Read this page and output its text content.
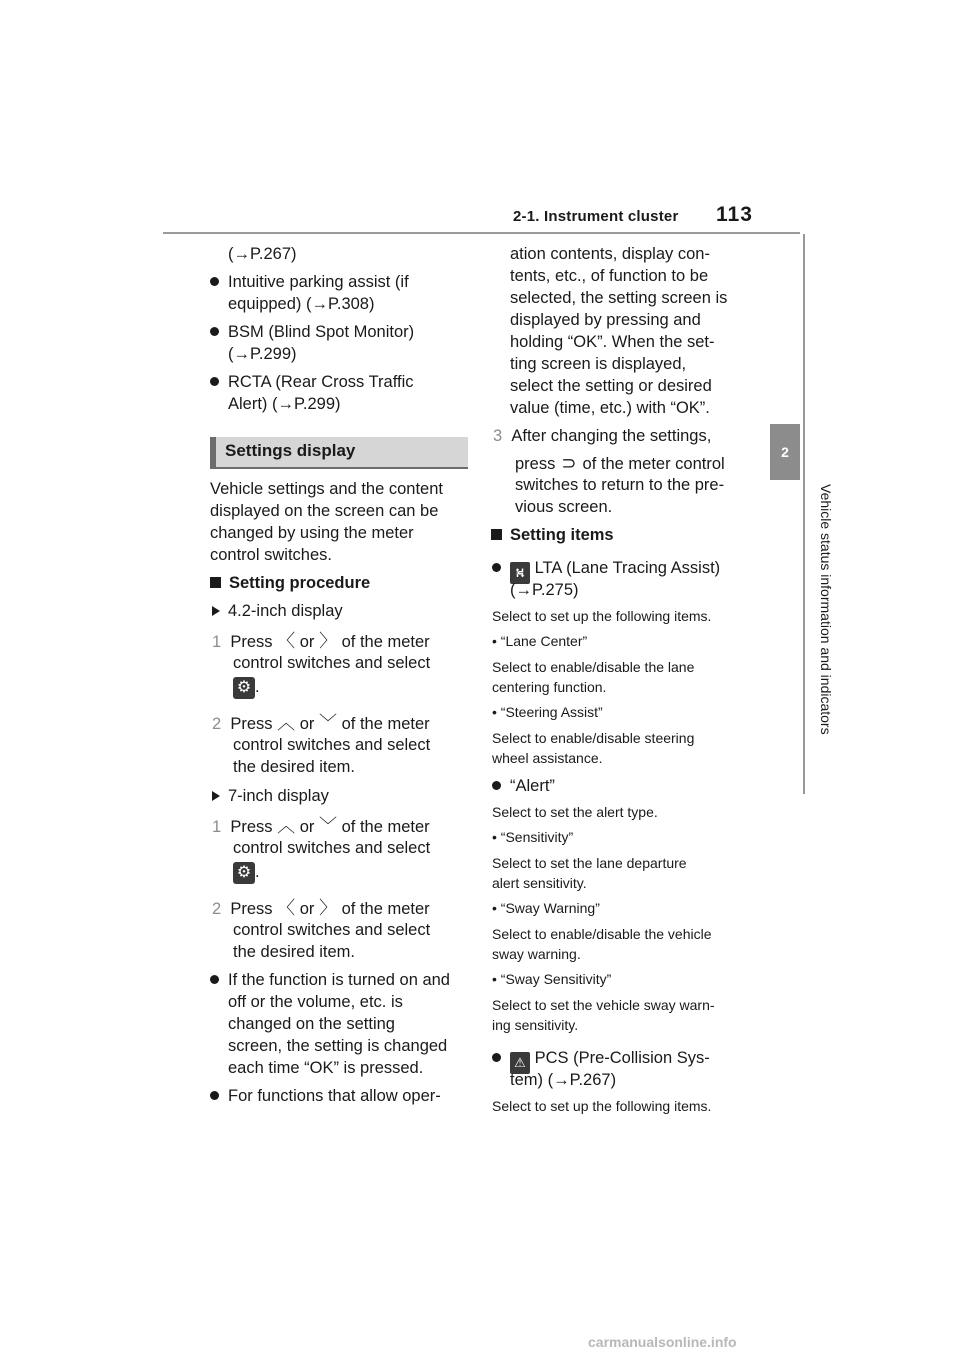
2-1. Instrument cluster 113
2
Vehicle status information and indicators
(→P.267)
Intuitive parking assist (if
equipped) (→P.308)
BSM (Blind Spot Monitor)
(→P.299)
RCTA (Rear Cross Traffic
Alert) (→P.299)
Settings display
Vehicle settings and the content
displayed on the screen can be
changed by using the meter
control switches.
Setting procedure
4.2-inch display
1 Press 〈 or 〉 of the meter
control switches and select
⚙ .
2 Press ︿ or ﹀ of the meter
control switches and select
the desired item.
7-inch display
1 Press ︿ or ﹀ of the meter
control switches and select
⚙ .
2 Press 〈 or 〉 of the meter
control switches and select
the desired item.
If the function is turned on and
off or the volume, etc. is
changed on the setting
screen, the setting is changed
each time “OK” is pressed.
For functions that allow oper-
ation contents, display con-
tents, etc., of function to be
selected, the setting screen is
displayed by pressing and
holding “OK”. When the set-
ting screen is displayed,
select the setting or desired
value (time, etc.) with “OK”.
3 After changing the settings,
press ⊃ of the meter control
switches to return to the pre-
vious screen.
Setting items
⛕ LTA (Lane Tracing Assist)
(→P.275)
Select to set up the following items.
• “Lane Center”
Select to enable/disable the lane
centering function.
• “Steering Assist”
Select to enable/disable steering
wheel assistance.
“Alert”
Select to set the alert type.
• “Sensitivity”
Select to set the lane departure
alert sensitivity.
• “Sway Warning”
Select to enable/disable the vehicle
sway warning.
• “Sway Sensitivity”
Select to set the vehicle sway warn-
ing sensitivity.
⚠ PCS (Pre-Collision Sys-
tem) (→P.267)
Select to set up the following items.
carmanualsonline.info
